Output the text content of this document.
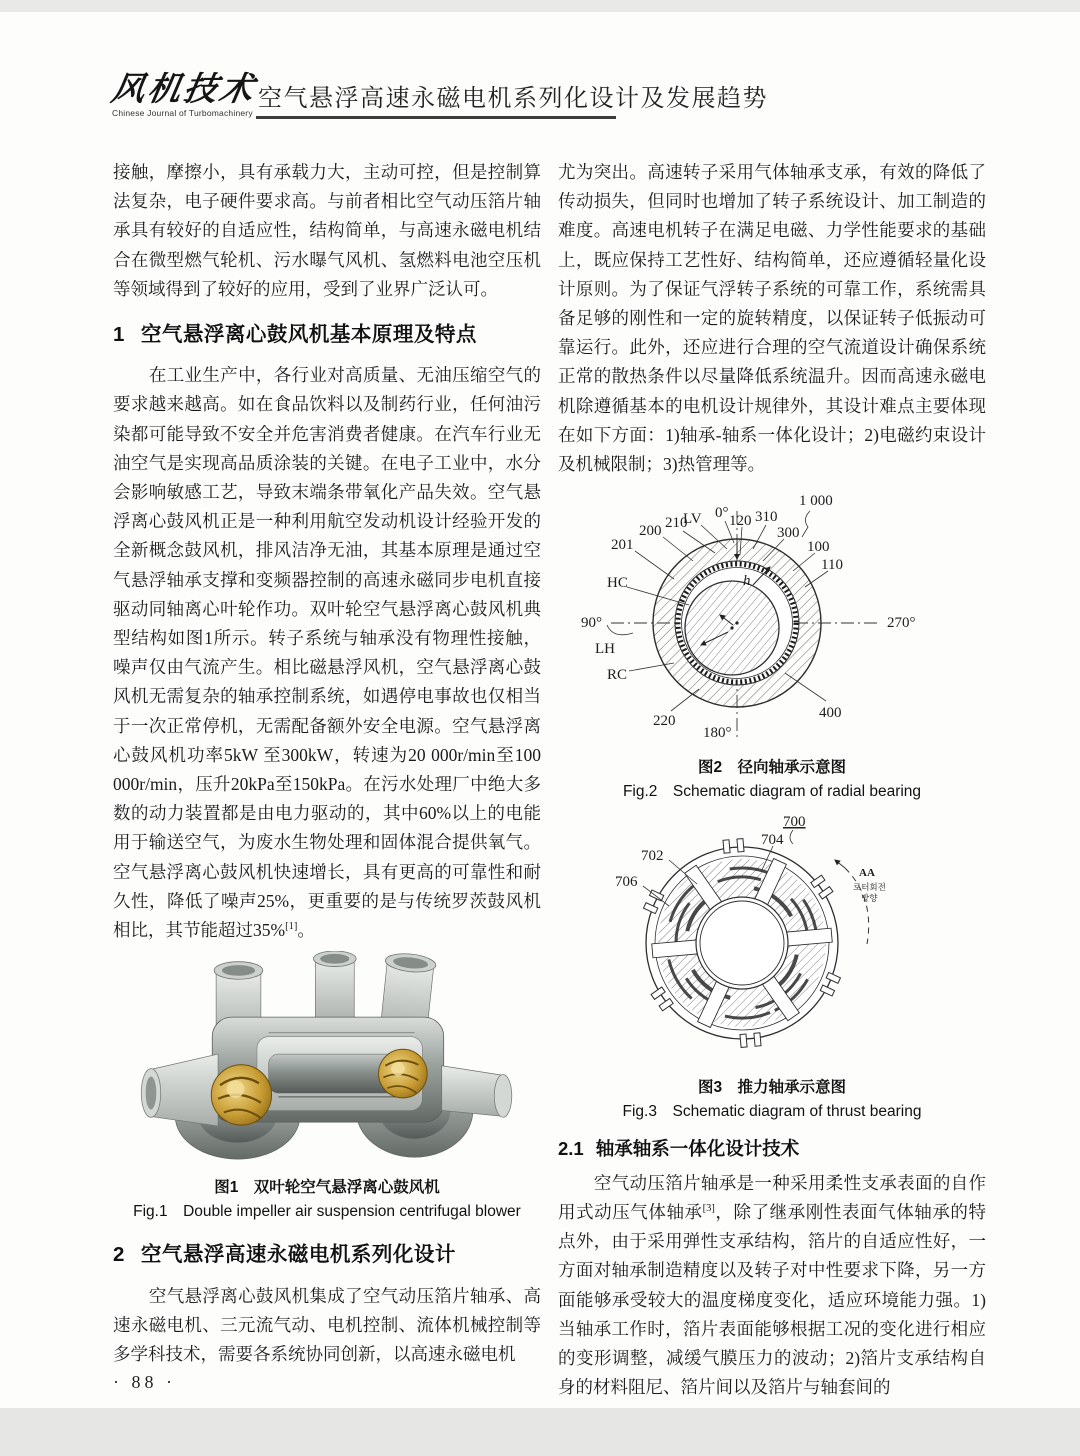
风机技术
Chinese Journal of Turbomachinery
空气悬浮高速永磁电机系列化设计及发展趋势

接触，摩擦小，具有承载力大，主动可控，但是控制算法复杂，电子硬件要求高。与前者相比空气动压箔片轴承具有较好的自适应性，结构简单，与高速永磁电机结合在微型燃气轮机、污水曝气风机、氢燃料电池空压机等领域得到了较好的应用，受到了业界广泛认可。

1 空气悬浮离心鼓风机基本原理及特点

在工业生产中，各行业对高质量、无油压缩空气的要求越来越高。如在食品饮料以及制药行业，任何油污染都可能导致不安全并危害消费者健康。在汽车行业无油空气是实现高品质涂装的关键。在电子工业中，水分会影响敏感工艺，导致末端条带氧化产品失效。空气悬浮离心鼓风机正是一种利用航空发动机设计经验开发的全新概念鼓风机，排风洁净无油，其基本原理是通过空气悬浮轴承支撑和变频器控制的高速永磁同步电机直接驱动同轴离心叶轮作功。双叶轮空气悬浮离心鼓风机典型结构如图1所示。转子系统与轴承没有物理性接触，噪声仅由气流产生。相比磁悬浮风机，空气悬浮离心鼓风机无需复杂的轴承控制系统，如遇停电事故也仅相当于一次正常停机，无需配备额外安全电源。空气悬浮离心鼓风机功率5kW 至300kW，转速为20 000r/min至100 000r/min，压升20kPa至150kPa。在污水处理厂中绝大多数的动力装置都是由电力驱动的，其中60%以上的电能用于输送空气，为废水生物处理和固体混合提供氧气。空气悬浮离心鼓风机快速增长，具有更高的可靠性和耐久性，降低了噪声25%，更重要的是与传统罗茨鼓风机相比，其节能超过35%[1]。

图1　双叶轮空气悬浮离心鼓风机
Fig.1　Double impeller air suspension centrifugal blower
2 空气悬浮高速永磁电机系列化设计

空气悬浮离心鼓风机集成了空气动压箔片轴承、高速永磁电机、三元流气动、电机控制、流体机械控制等多学科技术，需要各系统协同创新，以高速永磁电机

尤为突出。高速转子采用气体轴承支承，有效的降低了传动损失，但同时也增加了转子系统设计、加工制造的难度。高速电机转子在满足电磁、力学性能要求的基础上，既应保持工艺性好、结构简单，还应遵循轻量化设计原则。为了保证气浮转子系统的可靠工作，系统需具备足够的刚性和一定的旋转精度，以保证转子低振动可靠运行。此外，还应进行合理的空气流道设计确保系统正常的散热条件以尽量降低系统温升。因而高速永磁电机除遵循基本的电机设计规律外，其设计难点主要体现在如下方面：1)轴承-轴系一体化设计；2)电磁约束设计及机械限制；3)热管理等。

1 000
LV 0° 120 310
300
100
110
200 210
201
HC
90°	270°
LH
RC
220
180°
400
h
图2　径向轴承示意图
Fig.2　Schematic diagram of radial bearing
700
704
702
706
AA
로터회전
방향
图3　推力轴承示意图
Fig.3　Schematic diagram of thrust bearing
2.1 轴承轴系一体化设计技术

空气动压箔片轴承是一种采用柔性支承表面的自作用式动压气体轴承[3]，除了继承刚性表面气体轴承的特点外，由于采用弹性支承结构，箔片的自适应性好，一方面对轴承制造精度以及转子对中性要求下降，另一方面能够承受较大的温度梯度变化，适应环境能力强。1)当轴承工作时，箔片表面能够根据工况的变化进行相应的变形调整，减缓气膜压力的波动；2)箔片支承结构自身的材料阻尼、箔片间以及箔片与轴套间的

· 88 ·
